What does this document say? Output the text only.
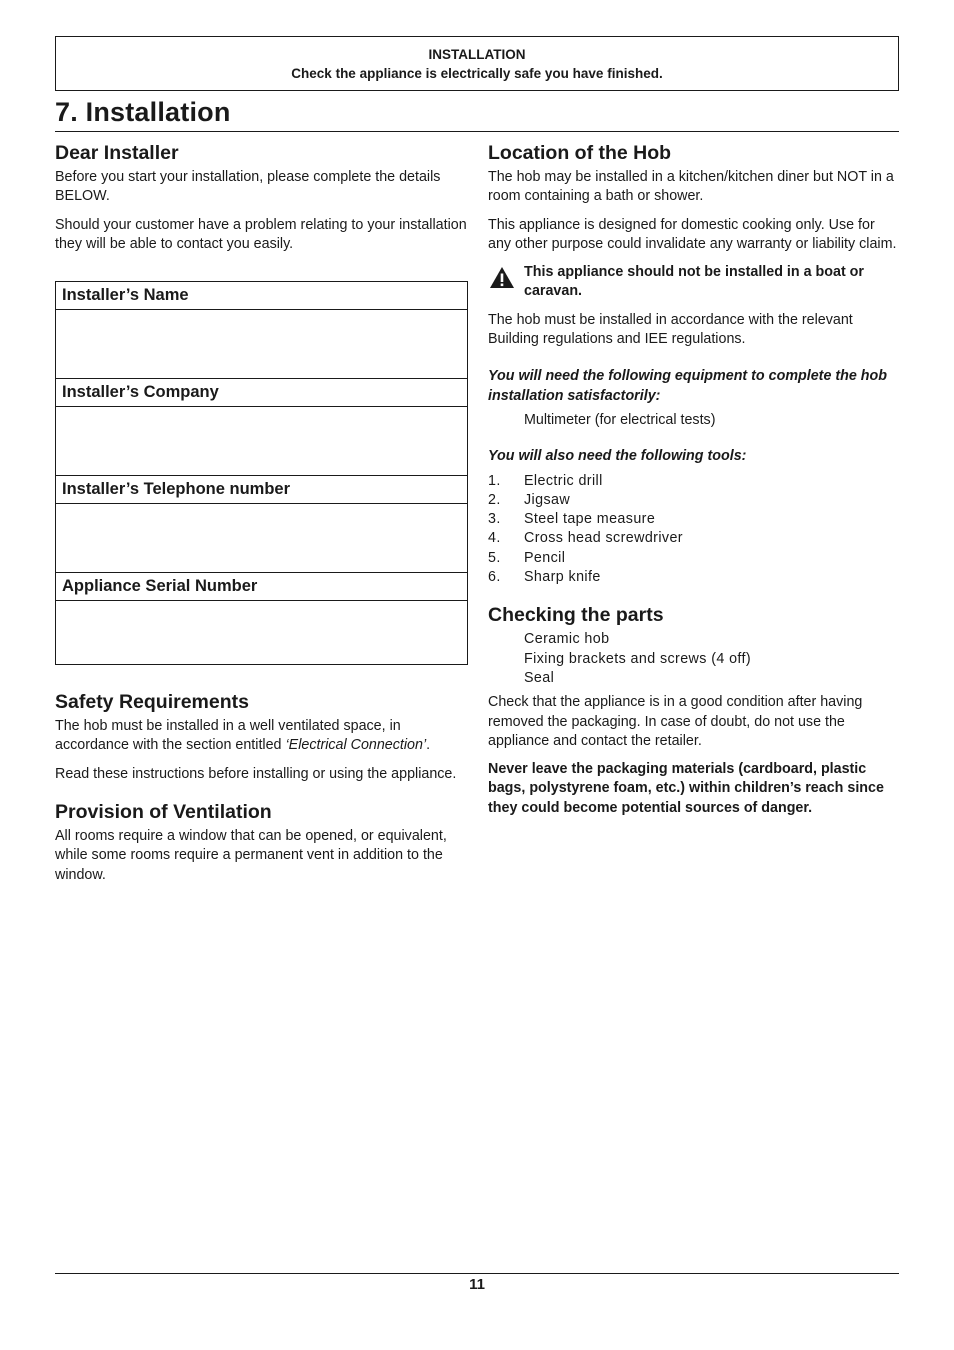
INSTALLATION
Check the appliance is electrically safe you have finished.
7. Installation
Dear Installer

Before you start your installation, please complete the details BELOW.

Should your customer have a problem relating to your installation they will be able to contact you easily.

Installer’s Name
Installer’s Company
Installer’s Telephone number
Appliance Serial Number
Safety Requirements

The hob must be installed in a well ventilated space, in accordance with the section entitled ‘Electrical Connection’.

Read these instructions before installing or using the appliance.

Provision of Ventilation

All rooms require a window that can be opened, or equivalent, while some rooms require a permanent vent in addition to the window.

Location of the Hob

The hob may be installed in a kitchen/kitchen diner but NOT in a room containing a bath or shower.

This appliance is designed for domestic cooking only. Use for any other purpose could invalidate any warranty or liability claim.

This appliance should not be installed in a boat or caravan.

The hob must be installed in accordance with the relevant Building regulations and IEE regulations.

You will need the following equipment to complete the hob installation satisfactorily:

Multimeter (for electrical tests)

You will also need the following tools:

1. Electric drill
2. Jigsaw
3. Steel tape measure
4. Cross head screwdriver
5. Pencil
6. Sharp knife
Checking the parts
Ceramic hob
Fixing brackets and screws (4 off)
Seal

Check that the appliance is in a good condition after having removed the packaging. In case of doubt, do not use the appliance and contact the retailer.

Never leave the packaging materials (cardboard, plastic bags, polystyrene foam, etc.) within children’s reach since they could become potential sources of danger.

11
